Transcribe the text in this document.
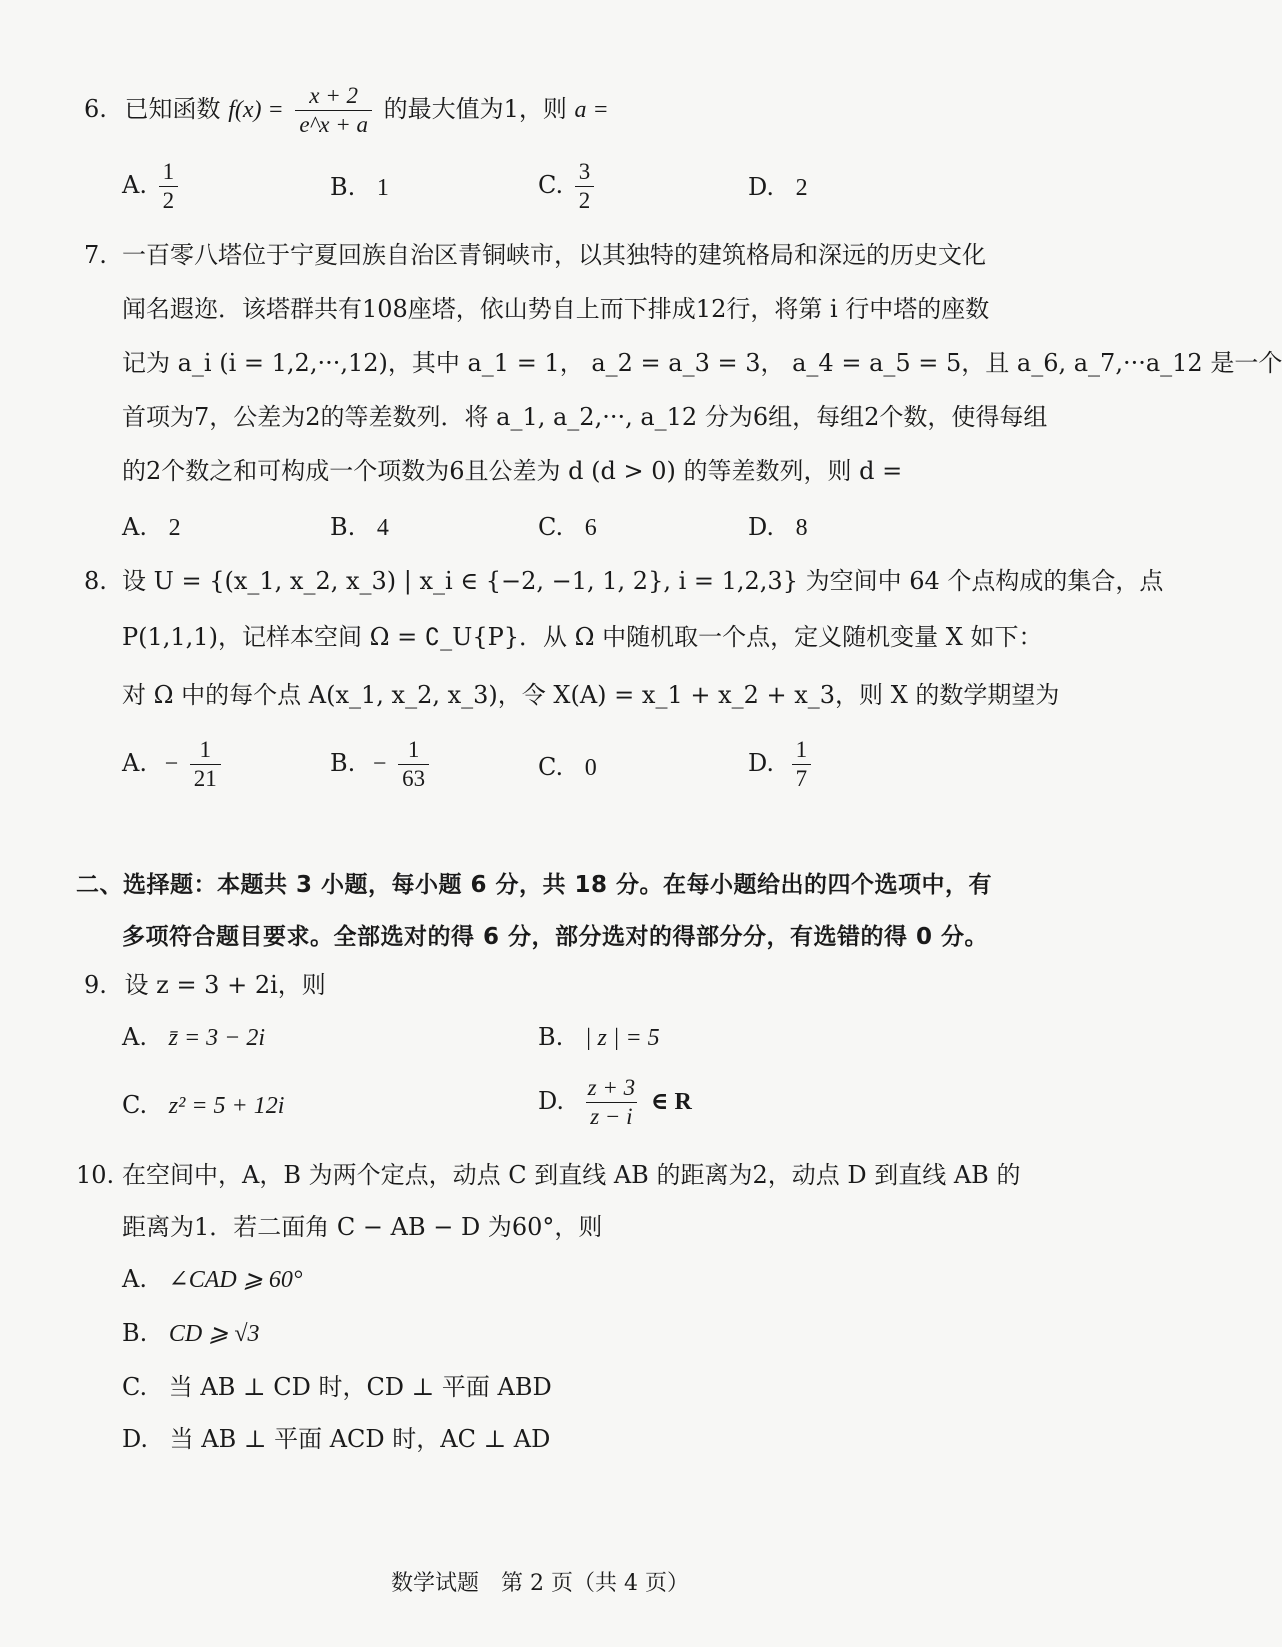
6. 已知函数 $f(x) = \frac{x + 2}{e\^{}x + a}$ 的最大值为1，则 a =
A. $\frac{1}{2}$	B. 1	C. $\frac{3}{2}$	D. 2
7. 一百零八塔位于宁夏回族自治区青铜峡市，以其独特的建筑格局和深远的历史文化
闻名遐迩．该塔群共有108座塔，依山势自上而下排成12行，将第 i 行中塔的座数
记为 a_i (i = 1,2,···,12)，其中 a_1 = 1， a_2 = a_3 = 3， a_4 = a_5 = 5，且 a_6, a_7,···a_12 是一个
首项为7，公差为2的等差数列．将 a_1, a_2,···, a_12 分为6组，每组2个数，使得每组
的2个数之和可构成一个项数为6且公差为 d (d > 0) 的等差数列，则 d =
A. 2	B. 4	C. 6	D. 8
8. 设 U = {(x_1, x_2, x_3) | x_i ∈ {−2, −1, 1, 2}, i = 1,2,3} 为空间中 64 个点构成的集合，点
P(1,1,1)，记样本空间 Ω = ∁_U{P}．从 Ω 中随机取一个点，定义随机变量 X 如下：
对 Ω 中的每个点 A(x_1, x_2, x_3)，令 X(A) = x_1 + x_2 + x_3，则 X 的数学期望为
A. − $\frac{1}{21}$	B. − $\frac{1}{63}$	C. 0	D. $\frac{1}{7}$
二、选择题：本题共 3 小题，每小题 6 分，共 18 分。在每小题给出的四个选项中，有
多项符合题目要求。全部选对的得 6 分，部分选对的得部分分，有选错的得 0 分。
9. 设 z = 3 + 2i，则
A. z̄ = 3 − 2i	B. | z | = 5
C. z² = 5 + 12i	D. $\frac{z + 3}{z - i}$ ∈ R
10. 在空间中，A，B 为两个定点，动点 C 到直线 AB 的距离为2，动点 D 到直线 AB 的
距离为1．若二面角 C − AB − D 为60°，则
A. ∠CAD ⩾ 60°
B. CD ⩾ √3
C. 当 AB ⊥ CD 时，CD ⊥ 平面 ABD
D. 当 AB ⊥ 平面 ACD 时，AC ⊥ AD
数学试题　第 2 页（共 4 页）
